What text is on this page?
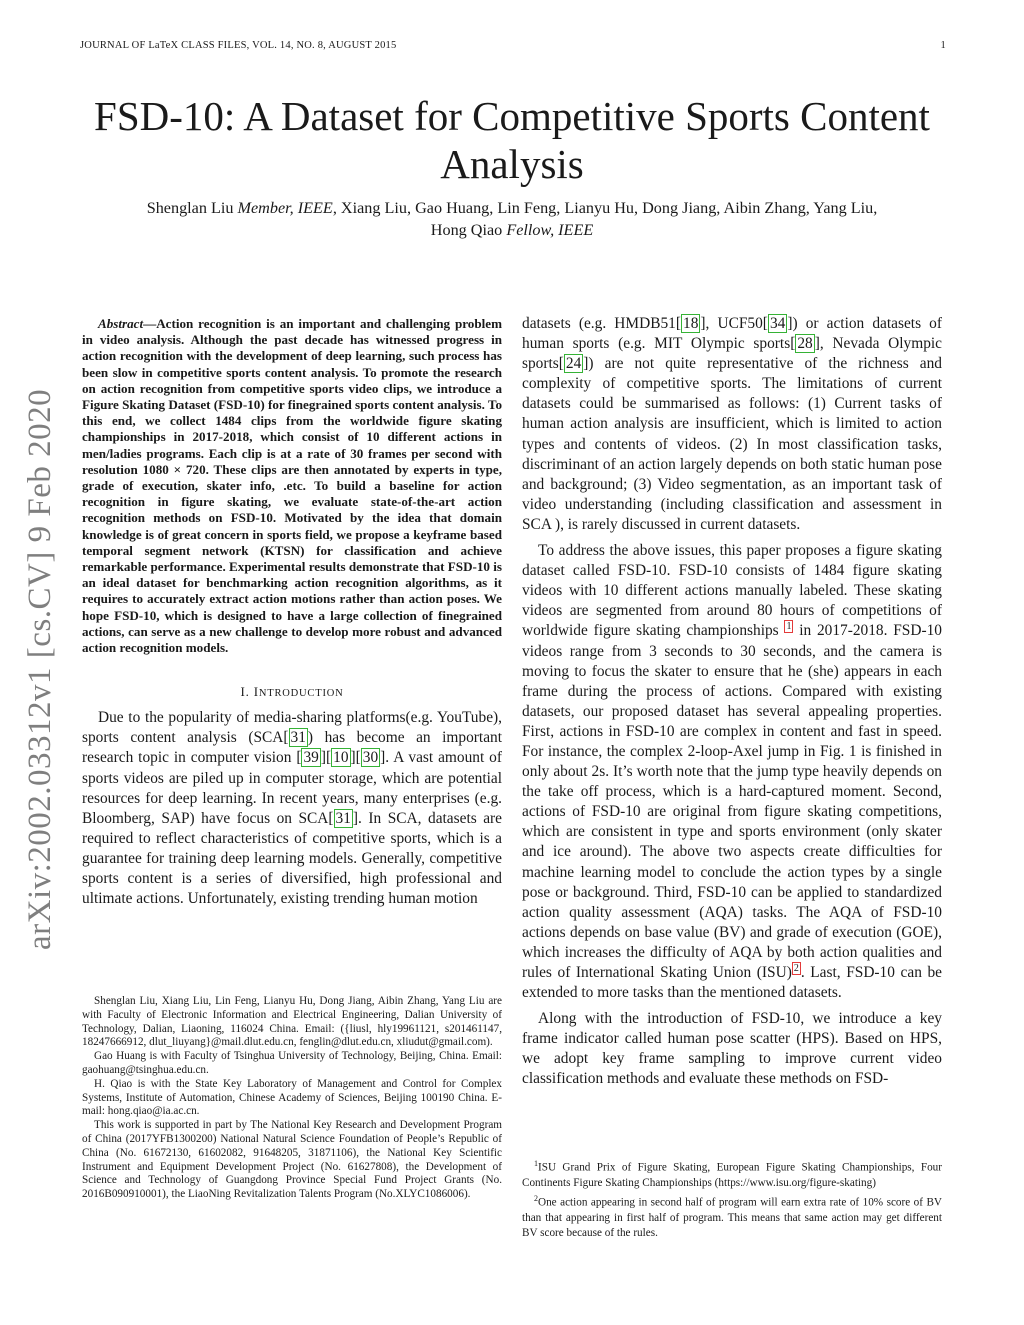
JOURNAL OF LaTeX CLASS FILES, VOL. 14, NO. 8, AUGUST 2015	1
FSD-10: A Dataset for Competitive Sports Content Analysis
Shenglan Liu Member, IEEE, Xiang Liu, Gao Huang, Lin Feng, Lianyu Hu, Dong Jiang, Aibin Zhang, Yang Liu,
Hong Qiao Fellow, IEEE
arXiv:2002.03312v1 [cs.CV] 9 Feb 2020

Abstract—Action recognition is an important and challenging problem in video analysis. Although the past decade has witnessed progress in action recognition with the development of deep learning, such process has been slow in competitive sports content analysis. To promote the research on action recognition from competitive sports video clips, we introduce a Figure Skating Dataset (FSD-10) for finegrained sports content analysis. To this end, we collect 1484 clips from the worldwide figure skating championships in 2017-2018, which consist of 10 different actions in men/ladies programs. Each clip is at a rate of 30 frames per second with resolution 1080 × 720. These clips are then annotated by experts in type, grade of execution, skater info, .etc. To build a baseline for action recognition in figure skating, we evaluate state-of-the-art action recognition methods on FSD-10. Motivated by the idea that domain knowledge is of great concern in sports field, we propose a keyframe based temporal segment network (KTSN) for classification and achieve remarkable performance. Experimental results demonstrate that FSD-10 is an ideal dataset for benchmarking action recognition algorithms, as it requires to accurately extract action motions rather than action poses. We hope FSD-10, which is designed to have a large collection of finegrained actions, can serve as a new challenge to develop more robust and advanced action recognition models.

I. INTRODUCTION

Due to the popularity of media-sharing platforms(e.g. YouTube), sports content analysis (SCA[ 31 ) has become an important research topic in computer vision [ 39 ][ 10 ][ 30 ]. A vast amount of sports videos are piled up in computer storage, which are potential resources for deep learning. In recent years, many enterprises (e.g. Bloomberg, SAP) have focus on SCA[ 31 ]. In SCA, datasets are required to reflect characteristics of competitive sports, which is a guarantee for training deep learning models. Generally, competitive sports content is a series of diversified, high professional and ultimate actions. Unfortunately, existing trending human motion

Shenglan Liu, Xiang Liu, Lin Feng, Lianyu Hu, Dong Jiang, Aibin Zhang, Yang Liu are with Faculty of Electronic Information and Electrical Engineering, Dalian University of Technology, Dalian, Liaoning, 116024 China. Email: ({liusl, hly19961121, s201461147, 18247666912, dlut_liuyang}@mail.dlut.edu.cn, fenglin@dlut.edu.cn, xliudut@gmail.com).

Gao Huang is with Faculty of Tsinghua University of Technology, Beijing, China. Email: gaohuang@tsinghua.edu.cn.

H. Qiao is with the State Key Laboratory of Management and Control for Complex Systems, Institute of Automation, Chinese Academy of Sciences, Beijing 100190 China. E-mail: hong.qiao@ia.ac.cn.

This work is supported in part by The National Key Research and Development Program of China (2017YFB1300200) National Natural Science Foundation of People’s Republic of China (No. 61672130, 61602082, 91648205, 31871106), the National Key Scientific Instrument and Equipment Development Project (No. 61627808), the Development of Science and Technology of Guangdong Province Special Fund Project Grants (No. 2016B090910001), the LiaoNing Revitalization Talents Program (No.XLYC1086006).

datasets (e.g. HMDB51[ 18 ], UCF50[ 34 ]) or action datasets of human sports (e.g. MIT Olympic sports[ 28 ], Nevada Olympic sports[ 24 ]) are not quite representative of the richness and complexity of competitive sports. The limitations of current datasets could be summarised as follows: (1) Current tasks of human action analysis are insufficient, which is limited to action types and contents of videos. (2) In most classification tasks, discriminant of an action largely depends on both static human pose and background; (3) Video segmentation, as an important task of video understanding (including classification and assessment in SCA ), is rarely discussed in current datasets.

To address the above issues, this paper proposes a figure skating dataset called FSD-10. FSD-10 consists of 1484 figure skating videos with 10 different actions manually labeled. These skating videos are segmented from around 80 hours of competitions of worldwide figure skating championships $^1$ in 2017-2018. FSD-10 videos range from 3 seconds to 30 seconds, and the camera is moving to focus the skater to ensure that he (she) appears in each frame during the process of actions. Compared with existing datasets, our proposed dataset has several appealing properties. First, actions in FSD-10 are complex in content and fast in speed. For instance, the complex 2-loop-Axel jump in Fig. 1 is finished in only about 2s. It’s worth note that the jump type heavily depends on the take off process, which is a hard-captured moment. Second, actions of FSD-10 are original from figure skating competitions, which are consistent in type and sports environment (only skater and ice around). The above two aspects create difficulties for machine learning model to conclude the action types by a single pose or background. Third, FSD-10 can be applied to standardized action quality assessment (AQA) tasks. The AQA of FSD-10 actions depends on base value (BV) and grade of execution (GOE), which increases the difficulty of AQA by both action qualities and rules of International Skating Union (ISU) $^2$ . Last, FSD-10 can be extended to more tasks than the mentioned datasets.

Along with the introduction of FSD-10, we introduce a key frame indicator called human pose scatter (HPS). Based on HPS, we adopt key frame sampling to improve current video classification methods and evaluate these methods on FSD-

$^1$ISU Grand Prix of Figure Skating, European Figure Skating Championships, Four Continents Figure Skating Championships (https://www.isu.org/figure-skating)

$^2$One action appearing in second half of program will earn extra rate of 10% score of BV than that appearing in first half of program. This means that same action may get different BV score because of the rules.
